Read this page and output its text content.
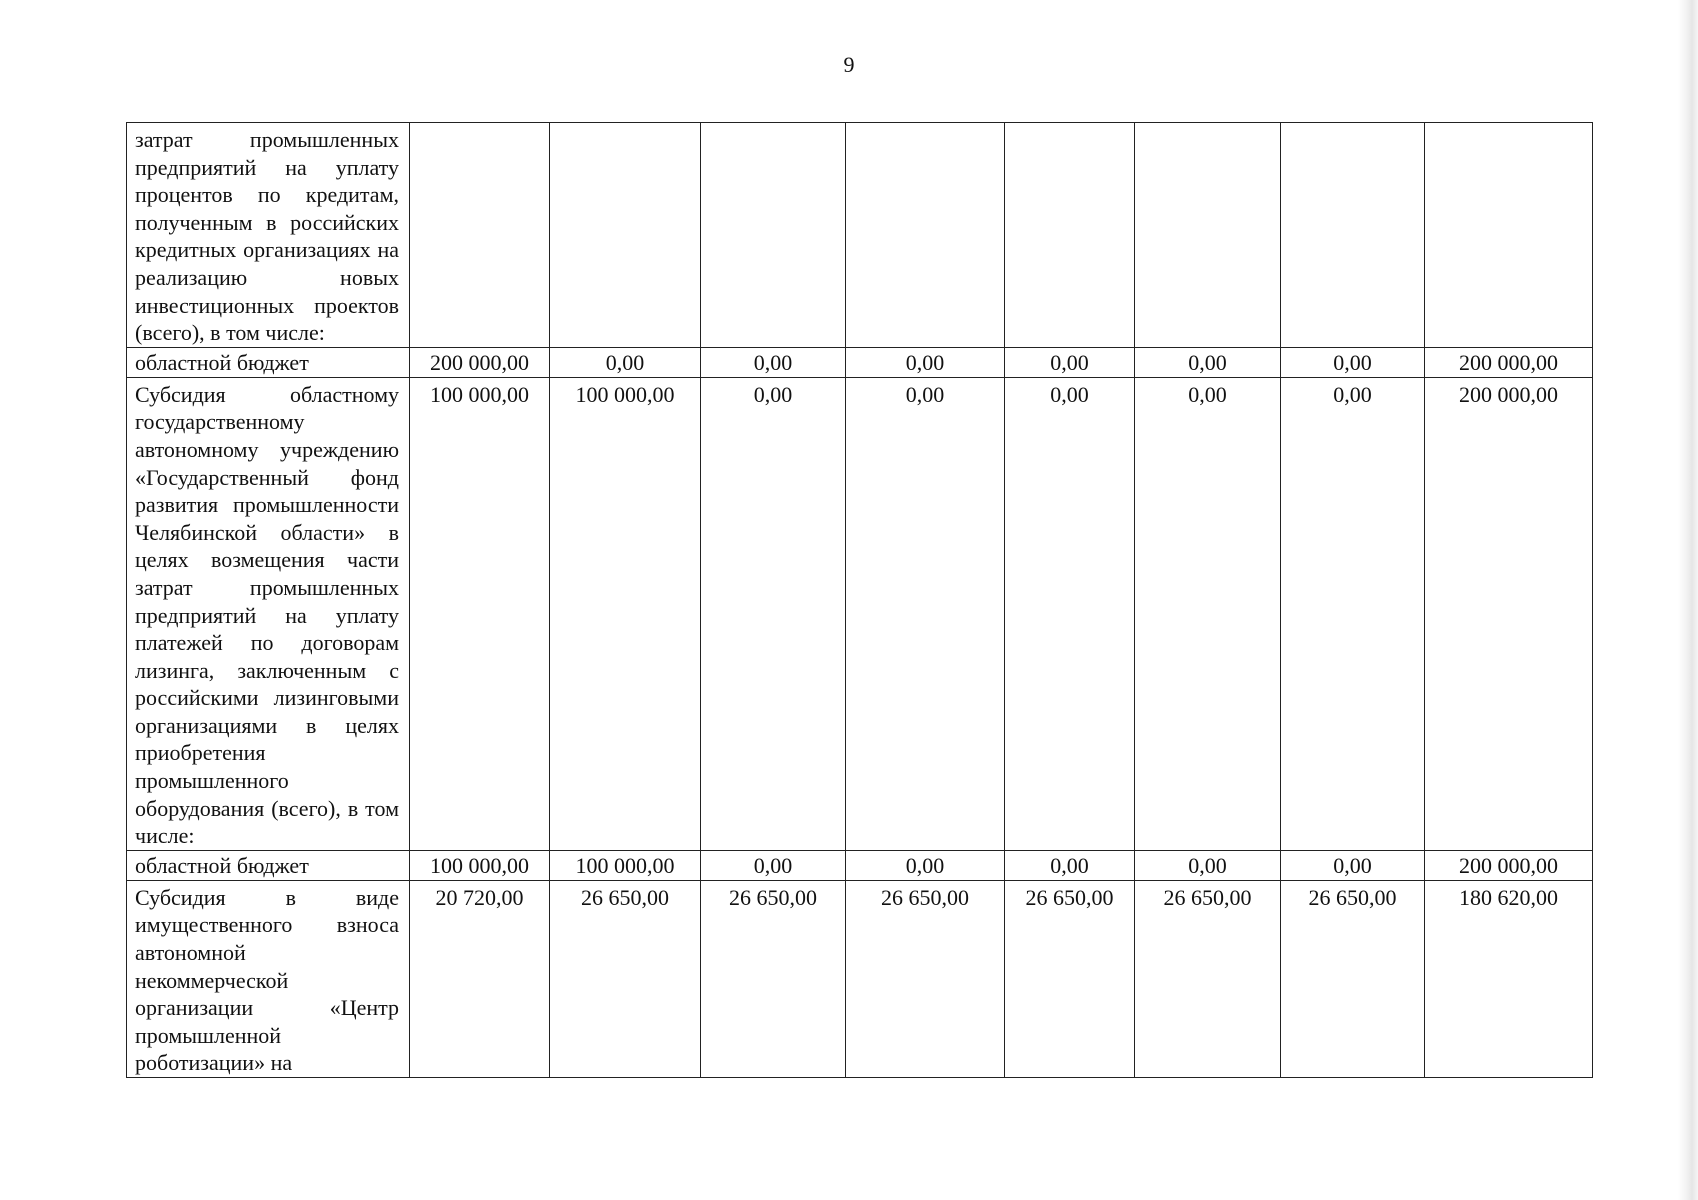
9
затрат промышленных предприятий на уплату процентов по кредитам, полученным в российских кредитных организациях на реализацию новых инвестиционных проектов (всего), в том числе:								
областной бюджет	200 000,00	0,00	0,00	0,00	0,00	0,00	0,00	200 000,00
Субсидия областному государственному автономному учреждению «Государственный фонд развития промышленности Челябинской области» в целях возмещения части затрат промышленных предприятий на уплату платежей по договорам лизинга, заключенным с российскими лизинговыми организациями в целях приобретения промышленного оборудования (всего), в том числе:	100 000,00	100 000,00	0,00	0,00	0,00	0,00	0,00	200 000,00
областной бюджет	100 000,00	100 000,00	0,00	0,00	0,00	0,00	0,00	200 000,00
Субсидия в виде имущественного взноса автономной некоммерческой организации «Центр промышленной роботизации» на	20 720,00	26 650,00	26 650,00	26 650,00	26 650,00	26 650,00	26 650,00	180 620,00
